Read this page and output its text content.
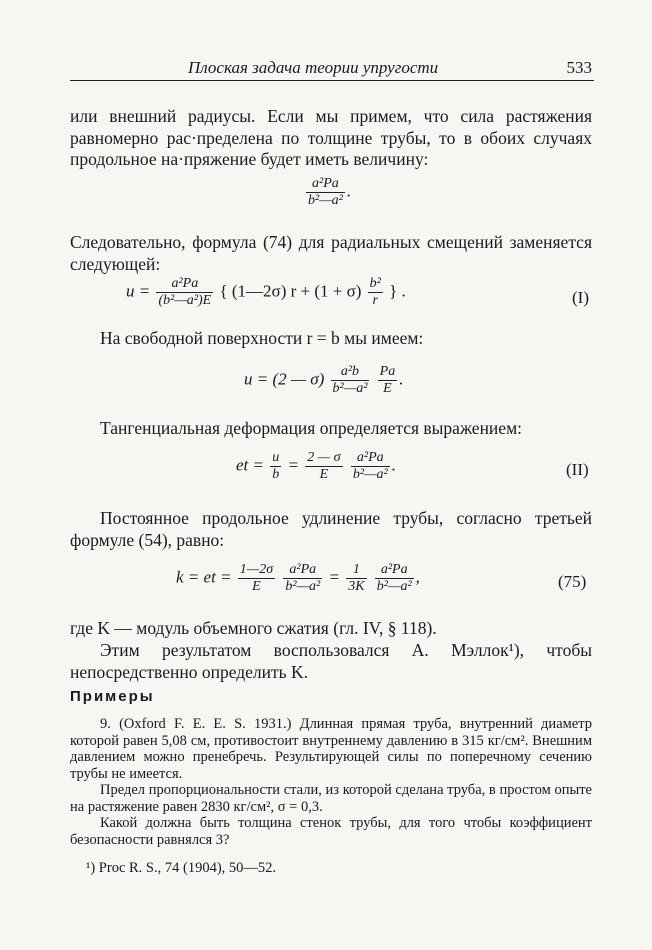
Плоская задача теории упругости	533
или внешний радиусы. Если мы примем, что сила растяжения равномерно рас·пределена по толщине трубы, то в обоих случаях продольное на·пряжение будет иметь величину:
$\frac{\text{a²Pa}}{\text{b²—a²}}$ .
Следовательно, формула (74) для радиальных смещений заменяется следующей:
$u = \frac{\text{a²Pa}}{\text{(b²—a²)E}}$ { (1—2σ) $r + (1 + \sigma) \frac{\text{b²}}{r}$ } .	(I)
На свободной поверхности r = b мы имеем:
u = (2 — $\sigma) \frac{\text{a²b}}{\text{b²—a²}}$
$\frac{Pa}{E}$ .
Тангенциальная деформация определяется выражением:
et = $\frac{u}{b} = \frac{2 — \sigma}{E}$
$\frac{\text{a²Pa}}{\text{b²—a²}}$ .	(II)
Постоянное продольное удлинение трубы, согласно третьей формуле (54), равно:
k = et = $\frac{1—2\sigma}{E}$
$\frac{\text{a²Pa}}{\text{b²—a²}} = \frac{1}{3K}$
$\frac{\text{a²Pa}}{\text{b²—a²}}$ ,	(75)
где K — модуль объемного сжатия (гл. IV, § 118).
Этим результатом воспользовался А. Мэллок¹), чтобы непосредственно определить K.
Примеры
9. (Oxford F. E. E. S. 1931.) Длинная прямая труба, внутренний диаметр которой равен 5,08 см, противостоит внутреннему давлению в 315 кг/см². Внешним давлением можно пренебречь. Результирующей силы по поперечному сечению трубы не имеется.
Предел пропорциональности стали, из которой сделана труба, в простом опыте на растяжение равен 2830 кг/см², σ = 0,3.
Какой должна быть толщина стенок трубы, для того чтобы коэффициент безопасности равнялся 3?
¹) Proc R. S., 74 (1904), 50—52.
